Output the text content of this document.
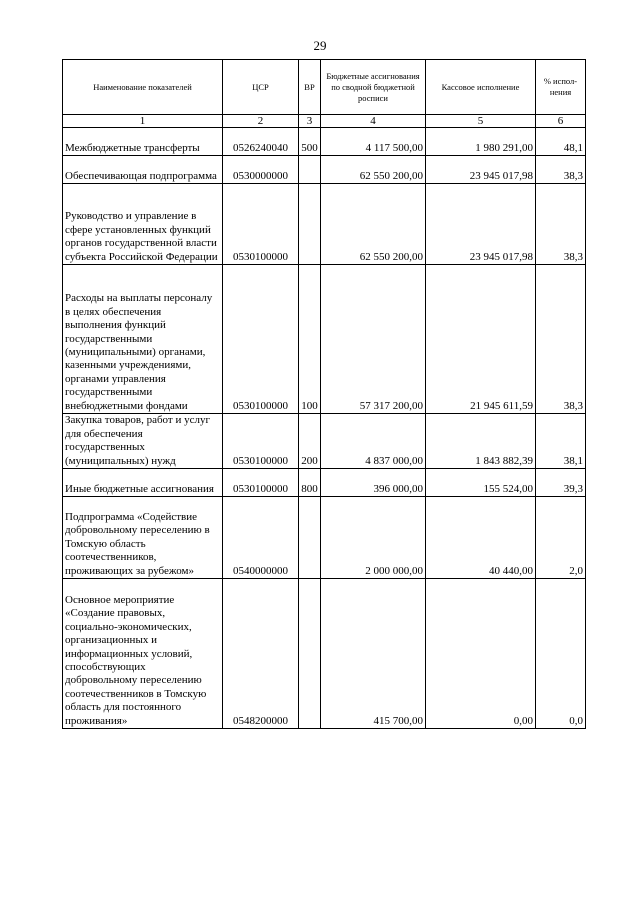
29
Наименование показателей	ЦСР	ВР	Бюджетные ассигнования по сводной бюджетной росписи	Кассовое исполнение	% испол-нения
1	2	3	4	5	6
Межбюджетные трансферты	0526240040	500	4 117 500,00	1 980 291,00	48,1
Обеспечивающая подпрограмма	0530000000		62 550 200,00	23 945 017,98	38,3
Руководство и управление в сфере установленных функций органов государственной власти субъекта Российской Федерации	0530100000		62 550 200,00	23 945 017,98	38,3
Расходы на выплаты персоналу в целях обеспечения выполнения функций государственными (муниципальными) органами, казенными учреждениями, органами управления государственными внебюджетными фондами	0530100000	100	57 317 200,00	21 945 611,59	38,3
Закупка товаров, работ и услуг для обеспечения государственных (муниципальных) нужд	0530100000	200	4 837 000,00	1 843 882,39	38,1
Иные бюджетные ассигнования	0530100000	800	396 000,00	155 524,00	39,3
Подпрограмма «Содействие добровольному переселению в Томскую область соотечественников, проживающих за рубежом»	0540000000		2 000 000,00	40 440,00	2,0
Основное мероприятие «Создание правовых, социально-экономических, организационных и информационных условий, способствующих добровольному переселению соотечественников в Томскую область для постоянного проживания»	0548200000		415 700,00	0,00	0,0
